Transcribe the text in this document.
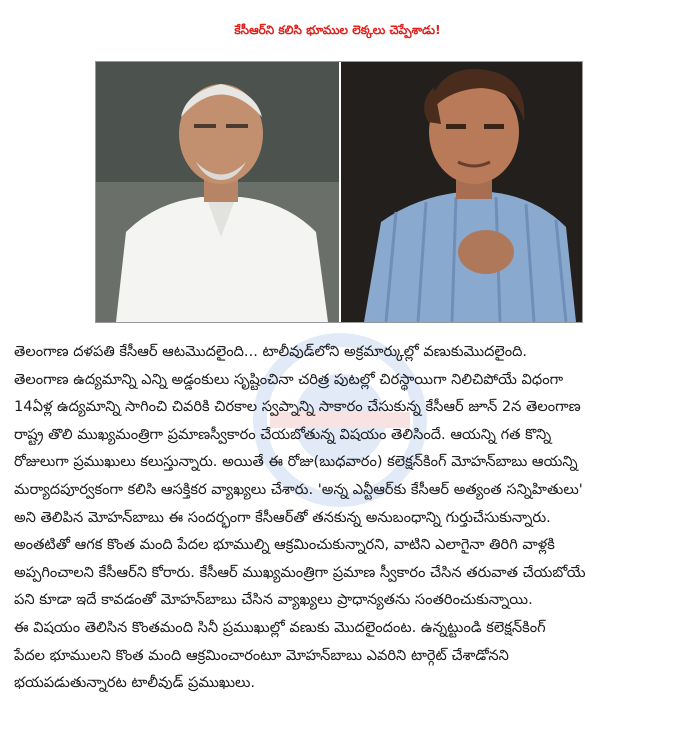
కేసీఆర్‌ని కలిసి భూముల లెక్కలు చెప్పేశాడు!
తెలంగాణ దళపతి కేసీఆర్ ఆటమొదలైంది... టాలీవుడ్‌లోని అక్రమార్కుల్లో వణుకుమొదలైంది.
తెలంగాణ ఉద్యమాన్ని ఎన్ని అడ్డంకులు సృష్టించినా చరిత్ర పుటల్లో చిరస్థాయిగా నిలిచిపోయే విధంగా
14ఏళ్ల ఉద్యమాన్ని సాగించి చివరికి చిరకాల స్వప్నాన్ని సాకారం చేసుకున్న కేసీఆర్ జూన్ 2న తెలంగాణ
రాష్ట్ర తొలి ముఖ్యమంత్రిగా ప్రమాణస్వీకారం చేయబోతున్న విషయం తెలిసిందే. ఆయన్ని గత కొన్ని
రోజులుగా ప్రముఖులు కలుస్తున్నారు. అయితే ఈ రోజు(బుధవారం) కలెక్షన్‌కింగ్ మోహన్‌బాబు ఆయన్ని
మర్యాదపూర్వకంగా కలిసి ఆసక్తికర వ్యాఖ్యలు చేశారు. 'అన్న ఎన్టీఆర్‌కు కేసీఆర్ అత్యంత సన్నిహితులు'
అని తెలిపిన మోహన్‌బాబు ఈ సందర్భంగా కేసీఆర్‌తో తనకున్న అనుబంధాన్ని గుర్తుచేసుకున్నారు.
అంతటితో ఆగక కొంత మంది పేదల భూముల్ని ఆక్రమించుకున్నారని, వాటిని ఎలాగైనా తిరిగి వాళ్లకి
అప్పగించాలని కేసీఆర్‌ని కోరారు. కేసీఆర్ ముఖ్యమంత్రిగా ప్రమాణ స్వీకారం చేసిన తరువాత చేయబోయే
పని కూడా ఇదే కావడంతో మోహన్‌బాబు చేసిన వ్యాఖ్యలు ప్రాధాన్యతను సంతరించుకున్నాయి.
ఈ విషయం తెలిసిన కొంతమంది సినీ ప్రముఖుల్లో వణుకు మొదలైందంట. ఉన్నట్టుండి కలెక్షన్‌కింగ్
పేదల భూములని కొంత మంది ఆక్రమించారంటూ మోహన్‌బాబు ఎవరిని టార్గెట్ చేశాడోనని
భయపడుతున్నారట టాలీవుడ్ ప్రముఖులు.
